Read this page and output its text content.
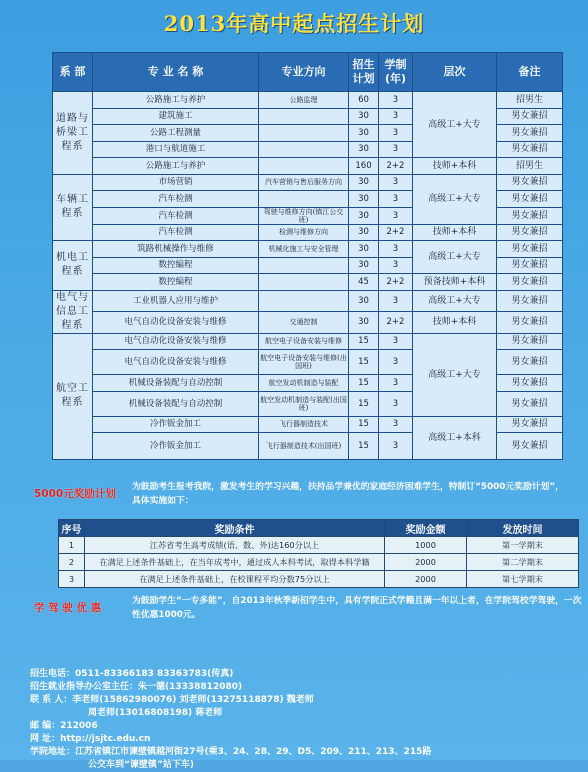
2013年高中起点招生计划
系 部	专 业 名 称	专业方向	招生计划	学制(年)	层次	备注
道路与桥梁工程系	公路施工与养护	公路监理	60	3	高级工+大专	招男生
	建筑施工		30	3		男女兼招
	公路工程测量		30	3		男女兼招
	港口与航道施工		30	3		男女兼招
	公路施工与养护		160	2+2	技师+本科	招男生
车辆工程系	市场营销	汽车营销与售后服务方向	30	3	高级工+大专	男女兼招
	汽车检测		30	3		男女兼招
	汽车检测	驾驶与维修方向(镇江公交班)	30	3		男女兼招
	汽车检测	检测与维修方向	30	2+2	技师+本科	男女兼招
机电工程系	筑路机械操作与维修	机械化施工与安全管理	30	3	高级工+大专	男女兼招
	数控编程		30	3		男女兼招
	数控编程		45	2+2	预备技师+本科	男女兼招
电气与信息工程系	工业机器人应用与维护		30	3	高级工+大专	男女兼招
	电气自动化设备安装与维修	交通控制	30	2+2	技师+本科	男女兼招
航空工程系	电气自动化设备安装与维修	航空电子设备安装与维修	15	3	高级工+大专	男女兼招
	电气自动化设备安装与维修	航空电子设备安装与维修(出国班)	15	3		男女兼招
	机械设备装配与自动控制	航空发动机制造与装配	15	3		男女兼招
	机械设备装配与自动控制	航空发动机制造与装配(出国班)	15	3		男女兼招
	冷作钣金加工	飞行器制造技术	15	3	高级工+本科	男女兼招
	冷作钣金加工	飞行器制造技术(出国班)	15	3		男女兼招
5000元奖励计划
为鼓励考生报考我院，激发考生的学习兴趣，扶持品学兼优的家庭经济困难学生，特制订“5000元奖励计划”，具体实施如下：
序号	奖励条件	奖励金额	发放时间
1	江苏省考生高考成绩(语、数、外)达160分以上	1000	第一学期末
2	在满足上述条件基础上，在当年成考中，通过成人本科考试，取得本科学籍	2000	第二学期末
3	在满足上述条件基础上，在校课程平均分数75分以上	2000	第七学期末
学 驾 驶 优 惠
为鼓励学生“一专多能”，自2013年秋季新招学生中，具有学院正式学籍且满一年以上者，在学院驾校学驾驶，一次性优惠1000元。
招生电话：0511-83366183 83363783(传真)
招生就业指导办公室主任：朱一德(13338812080)
联 系 人：李老师(15862980076) 刘老师(13275118878) 魏老师
周老师(13016808198) 蒋老师
邮 编：212006
网 址：http://jsjtc.edu.cn
学院地址：江苏省镇江市谏壁镇越河街27号(乘3、24、28、29、D5、209、211、213、215路
公交车到“谏壁镇”站下车)
